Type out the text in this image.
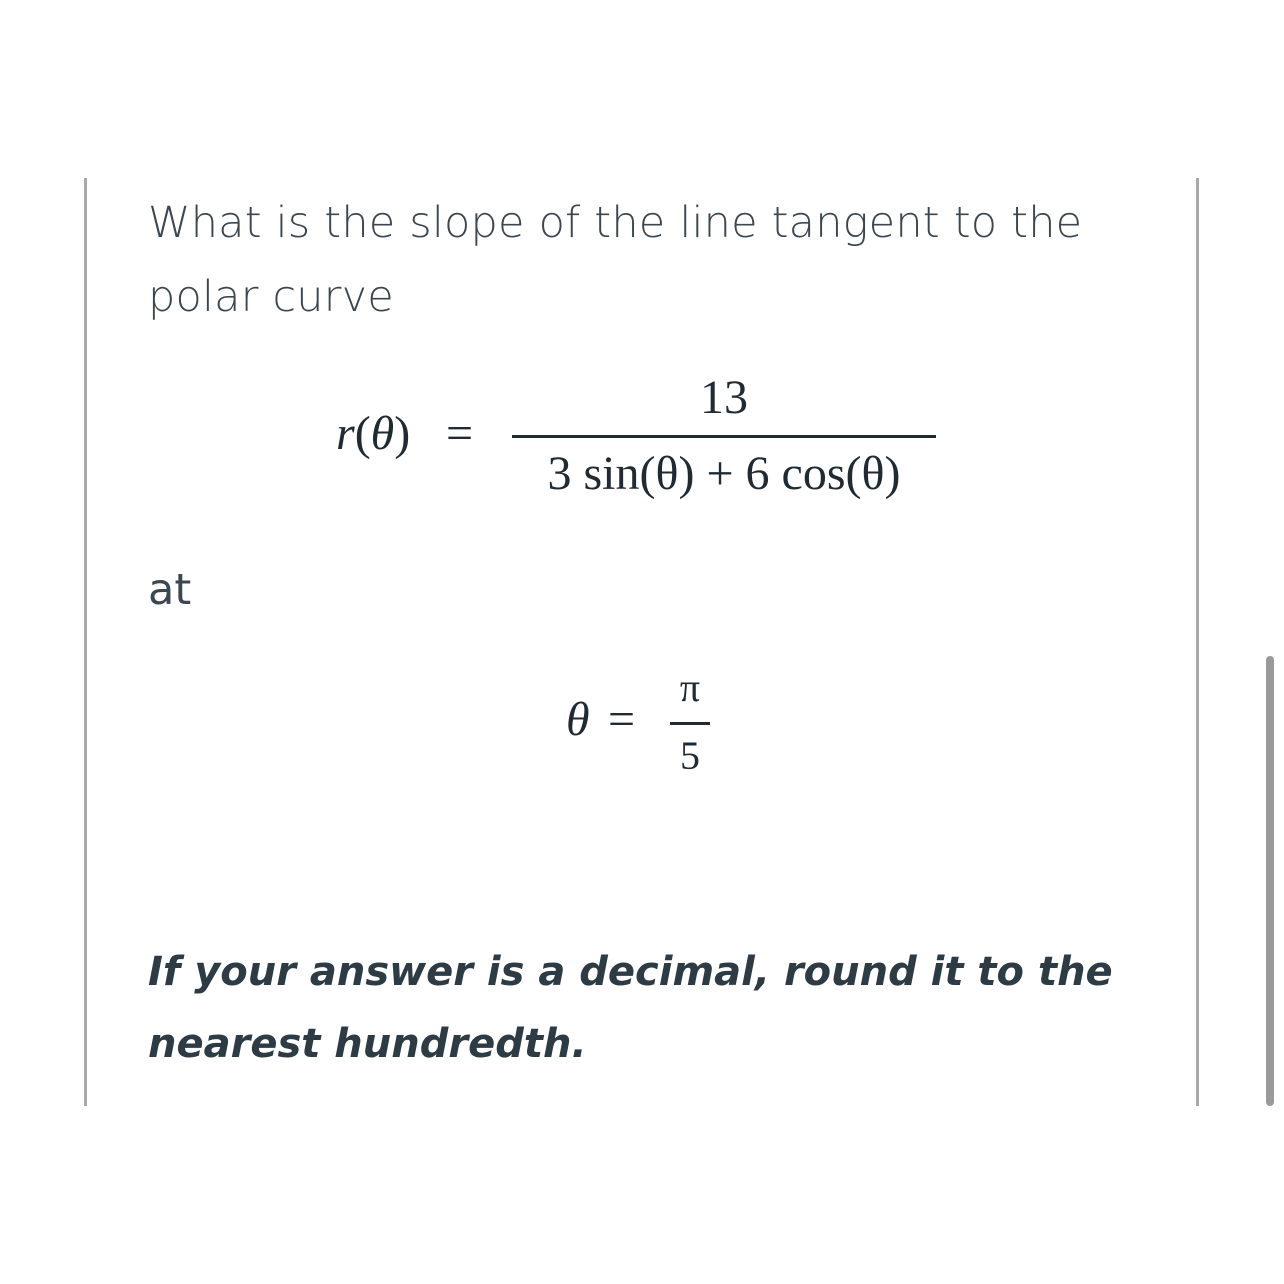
What is the slope of the line tangent to the
polar curve
r(θ) =
13
3 sin(θ) + 6 cos(θ)
at
θ =
π
5
If your answer is a decimal, round it to the
nearest hundredth.
